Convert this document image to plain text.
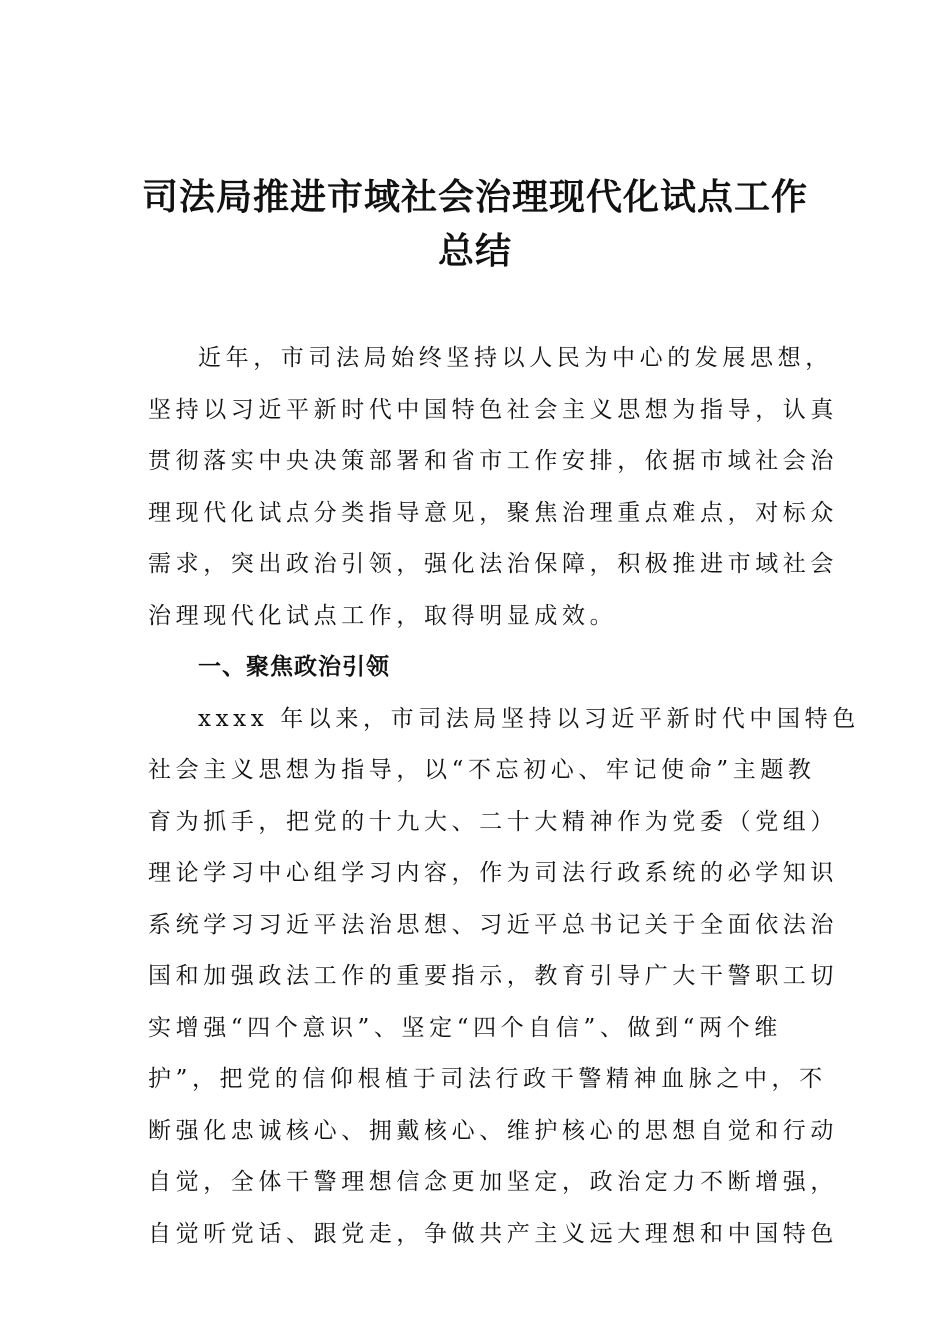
司法局推进市域社会治理现代化试点工作
总结
近年，市司法局始终坚持以人民为中心的发展思想，
坚持以习近平新时代中国特色社会主义思想为指导，认真
贯彻落实中央决策部署和省市工作安排，依据市域社会治
理现代化试点分类指导意见，聚焦治理重点难点，对标众
需求，突出政治引领，强化法治保障，积极推进市域社会
治理现代化试点工作，取得明显成效。
一、聚焦政治引领
xxxx 年以来，市司法局坚持以习近平新时代中国特色
社会主义思想为指导，以“不忘初心、牢记使命”主题教
育为抓手，把党的十九大、二十大精神作为党委（党组）
理论学习中心组学习内容，作为司法行政系统的必学知识
系统学习习近平法治思想、习近平总书记关于全面依法治
国和加强政法工作的重要指示，教育引导广大干警职工切
实增强“四个意识”、坚定“四个自信”、做到“两个维
护”，把党的信仰根植于司法行政干警精神血脉之中，不
断强化忠诚核心、拥戴核心、维护核心的思想自觉和行动
自觉，全体干警理想信念更加坚定，政治定力不断增强，
自觉听党话、跟党走，争做共产主义远大理想和中国特色
